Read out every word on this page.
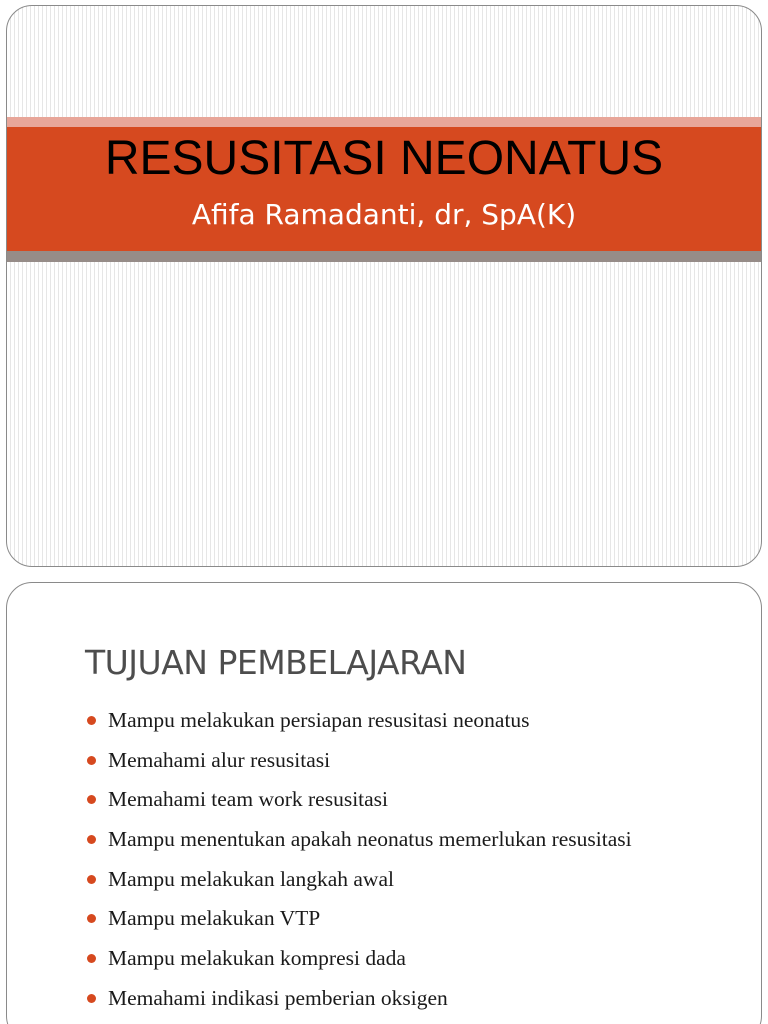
RESUSITASI NEONATUS
Afifa Ramadanti, dr, SpA(K)
TUJUAN PEMBELAJARAN
Mampu melakukan persiapan resusitasi neonatus
Memahami alur resusitasi
Memahami team work resusitasi
Mampu menentukan apakah neonatus memerlukan resusitasi
Mampu melakukan langkah awal
Mampu melakukan VTP
Mampu melakukan kompresi dada
Memahami indikasi pemberian oksigen
